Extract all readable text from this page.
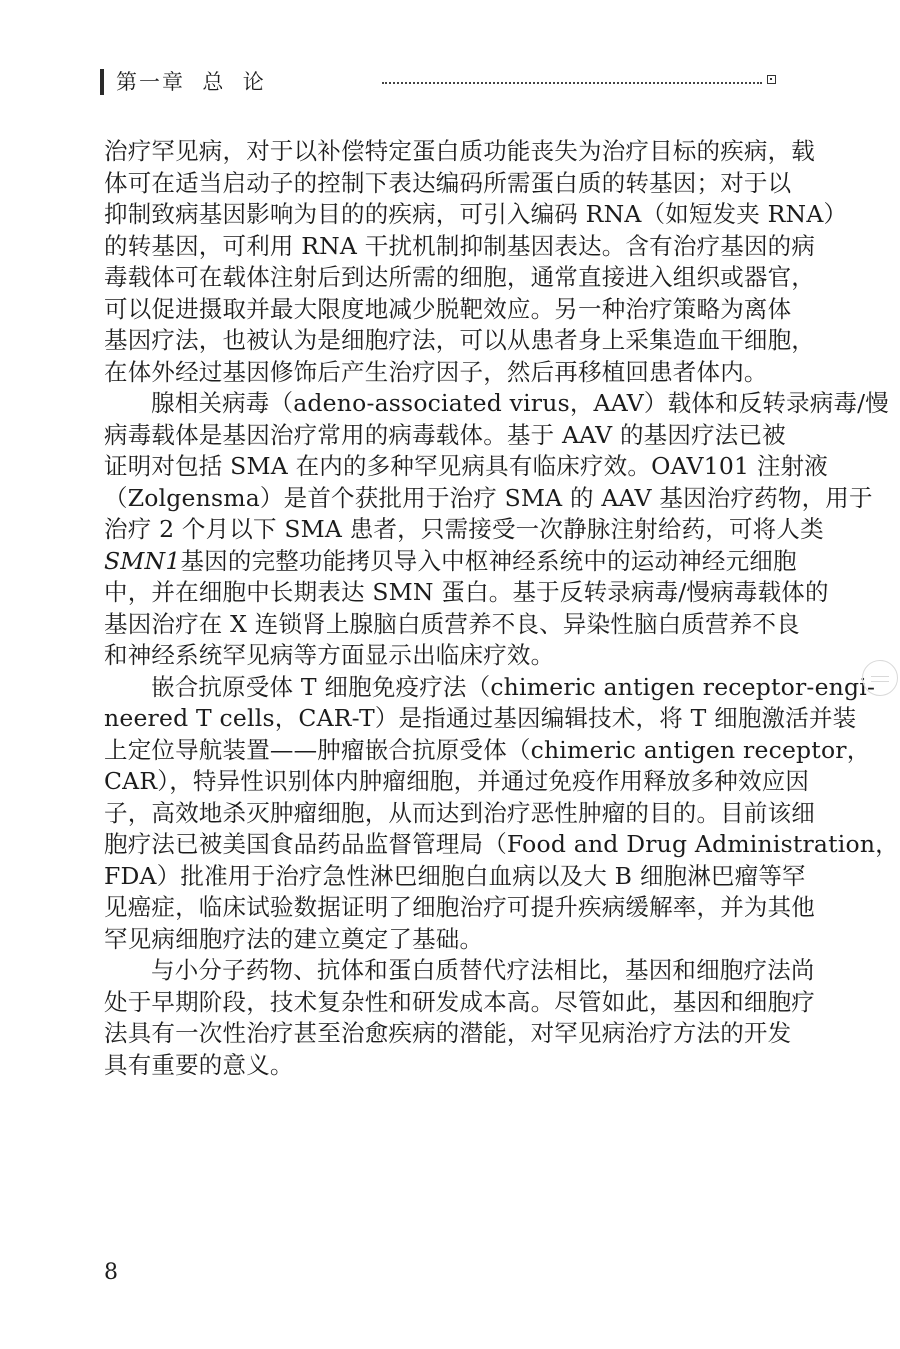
第一章  总  论
治疗罕见病，对于以补偿特定蛋白质功能丧失为治疗目标的疾病，载
体可在适当启动子的控制下表达编码所需蛋白质的转基因；对于以
抑制致病基因影响为目的的疾病，可引入编码 RNA（如短发夹 RNA）
的转基因，可利用 RNA 干扰机制抑制基因表达。含有治疗基因的病
毒载体可在载体注射后到达所需的细胞，通常直接进入组织或器官，
可以促进摄取并最大限度地减少脱靶效应。另一种治疗策略为离体
基因疗法，也被认为是细胞疗法，可以从患者身上采集造血干细胞，
在体外经过基因修饰后产生治疗因子，然后再移植回患者体内。
腺相关病毒（adeno-associated virus，AAV）载体和反转录病毒/慢
病毒载体是基因治疗常用的病毒载体。基于 AAV 的基因疗法已被
证明对包括 SMA 在内的多种罕见病具有临床疗效。OAV101 注射液
（Zolgensma）是首个获批用于治疗 SMA 的 AAV 基因治疗药物，用于
治疗 2 个月以下 SMA 患者，只需接受一次静脉注射给药，可将人类
SMN1基因的完整功能拷贝导入中枢神经系统中的运动神经元细胞
中，并在细胞中长期表达 SMN 蛋白。基于反转录病毒/慢病毒载体的
基因治疗在 X 连锁肾上腺脑白质营养不良、异染性脑白质营养不良
和神经系统罕见病等方面显示出临床疗效。
嵌合抗原受体 T 细胞免疫疗法（chimeric antigen receptor-engi-
neered T cells，CAR-T）是指通过基因编辑技术，将 T 细胞激活并装
上定位导航装置——肿瘤嵌合抗原受体（chimeric antigen receptor，
CAR），特异性识别体内肿瘤细胞，并通过免疫作用释放多种效应因
子，高效地杀灭肿瘤细胞，从而达到治疗恶性肿瘤的目的。目前该细
胞疗法已被美国食品药品监督管理局（Food and Drug Administration，
FDA）批准用于治疗急性淋巴细胞白血病以及大 B 细胞淋巴瘤等罕
见癌症，临床试验数据证明了细胞治疗可提升疾病缓解率，并为其他
罕见病细胞疗法的建立奠定了基础。
与小分子药物、抗体和蛋白质替代疗法相比，基因和细胞疗法尚
处于早期阶段，技术复杂性和研发成本高。尽管如此，基因和细胞疗
法具有一次性治疗甚至治愈疾病的潜能，对罕见病治疗方法的开发
具有重要的意义。
8
